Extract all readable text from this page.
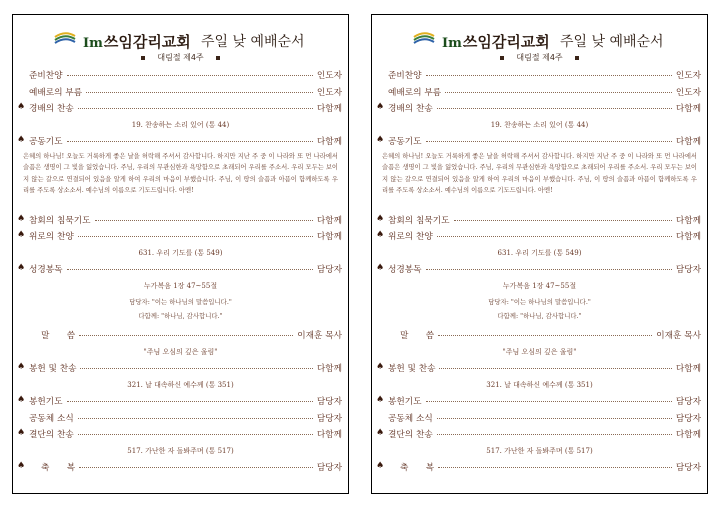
Im쓰임감리교회 주일 낮 예배순서
대림절 제4주
준비찬양	인도자
예배로의 부름	인도자
♠ 경배의 찬송	다함께
19. 찬송하는 소리 있어 (통 44)
♠ 공동기도	다함께
은혜의 하나님! 오늘도 거룩하게 좋은 날을 허락해 주셔서 감사합니다. 하지만 지난 주 중 이 나라와 또 먼 나라에서 슬픔은 생명이 그 빛을 잃었습니다. 주님, 우리의 무관심한과 욕망함으로 초래되어 우리를 주소서. 우리 모두는 보이지 않는 갈으로 연결되어 있음을 알게 하여 우리의 마음이 부했습니다. 주님, 이 땅의 슬픔과 아픔이 함께하도록 우리를 주도록 상소소서. 예수님의 이름으로 기도드립니다. 아멘!
♠ 참회의 침묵기도	다함께
♠ 위로의 찬양	다함께
631. 우리 기도를 (통 549)
♠ 성경봉독	담당자
누가복음 1장 47~55절
담당자: "이는 하나님의 말씀입니다."
다함께: "하나님, 감사합니다."
말　　씀	이재훈 목사
"주님 오심의 깊은 울림"
♠ 봉헌 및 찬송	다함께
321. 날 대속하신 예수께 (통 351)
♠ 봉헌기도	담당자
공동체 소식	담당자
♠ 결단의 찬송	다함께
517. 가난한 자 돌봐주며 (통 517)
♠ 축　　복	담당자
Im쓰임감리교회 주일 낮 예배순서
대림절 제4주
준비찬양	인도자
예배로의 부름	인도자
♠ 경배의 찬송	다함께
19. 찬송하는 소리 있어 (통 44)
♠ 공동기도	다함께
은혜의 하나님! 오늘도 거룩하게 좋은 날을 허락해 주셔서 감사합니다. 하지만 지난 주 중 이 나라와 또 먼 나라에서 슬픔은 생명이 그 빛을 잃었습니다. 주님, 우리의 무관심한과 욕망함으로 초래되어 우리를 주소서. 우리 모두는 보이지 않는 갈으로 연결되어 있음을 알게 하여 우리의 마음이 부했습니다. 주님, 이 땅의 슬픔과 아픔이 함께하도록 우리를 주도록 상소소서. 예수님의 이름으로 기도드립니다. 아멘!
♠ 참회의 침묵기도	다함께
♠ 위로의 찬양	다함께
631. 우리 기도를 (통 549)
♠ 성경봉독	담당자
누가복음 1장 47~55절
담당자: "이는 하나님의 말씀입니다."
다함께: "하나님, 감사합니다."
말　　씀	이재훈 목사
"주님 오심의 깊은 울림"
♠ 봉헌 및 찬송	다함께
321. 날 대속하신 예수께 (통 351)
♠ 봉헌기도	담당자
공동체 소식	담당자
♠ 결단의 찬송	다함께
517. 가난한 자 돌봐주며 (통 517)
♠ 축　　복	담당자
